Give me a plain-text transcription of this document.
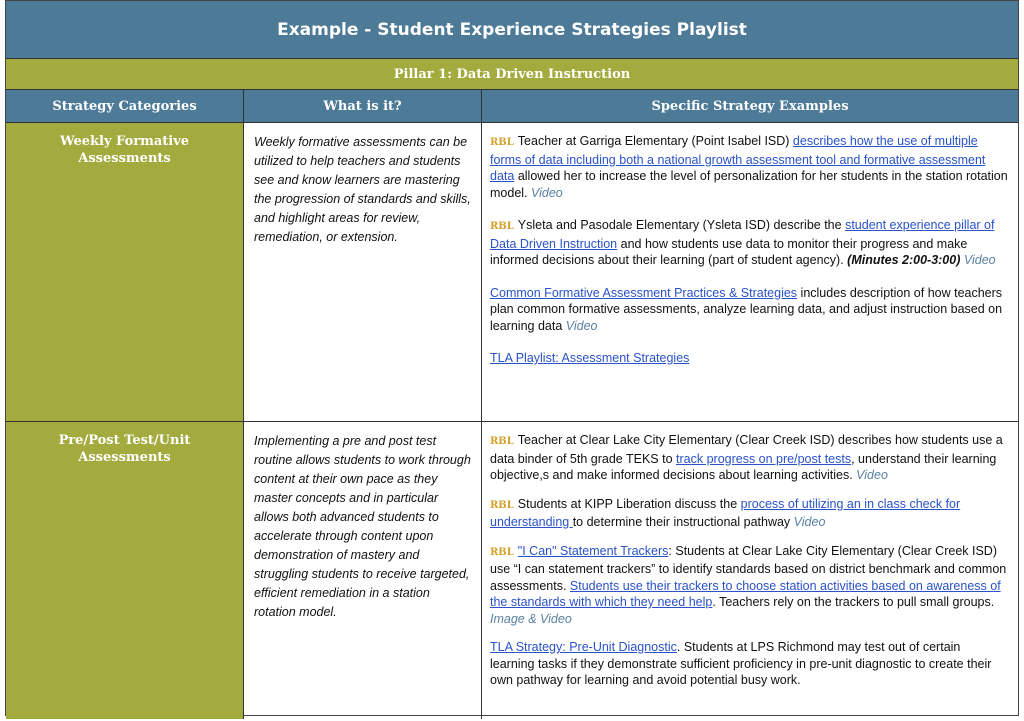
Example - Student Experience Strategies Playlist
Pillar 1: Data Driven Instruction
Strategy Categories	What is it?	Specific Strategy Examples
Weekly Formative Assessments
Weekly formative assessments can be utilized to help teachers and students see and know learners are mastering the progression of standards and skills, and highlight areas for review, remediation, or extension.

RBL Teacher at Garriga Elementary (Point Isabel ISD) describes how the use of multiple forms of data including both a national growth assessment tool and formative assessment data allowed her to increase the level of personalization for her students in the station rotation model. Video

RBL Ysleta and Pasodale Elementary (Ysleta ISD) describe the student experience pillar of Data Driven Instruction and how students use data to monitor their progress and make informed decisions about their learning (part of student agency). (Minutes 2:00-3:00) Video

Common Formative Assessment Practices & Strategies includes description of how teachers plan common formative assessments, analyze learning data, and adjust instruction based on learning data Video

TLA Playlist: Assessment Strategies

Pre/Post Test/Unit Assessments
Implementing a pre and post test routine allows students to work through content at their own pace as they master concepts and in particular allows both advanced students to accelerate through content upon demonstration of mastery and struggling students to receive targeted, efficient remediation in a station rotation model.

RBL Teacher at Clear Lake City Elementary (Clear Creek ISD) describes how students use a data binder of 5th grade TEKS to track progress on pre/post tests, understand their learning objective,s and make informed decisions about learning activities. Video

RBL Students at KIPP Liberation discuss the process of utilizing an in class check for understanding to determine their instructional pathway Video

RBL "I Can" Statement Trackers: Students at Clear Lake City Elementary (Clear Creek ISD) use “I can statement trackers” to identify standards based on district benchmark and common assessments. Students use their trackers to choose station activities based on awareness of the standards with which they need help. Teachers rely on the trackers to pull small groups. Image & Video

TLA Strategy: Pre-Unit Diagnostic. Students at LPS Richmond may test out of certain learning tasks if they demonstrate sufficient proficiency in pre-unit diagnostic to create their own pathway for learning and avoid potential busy work.
